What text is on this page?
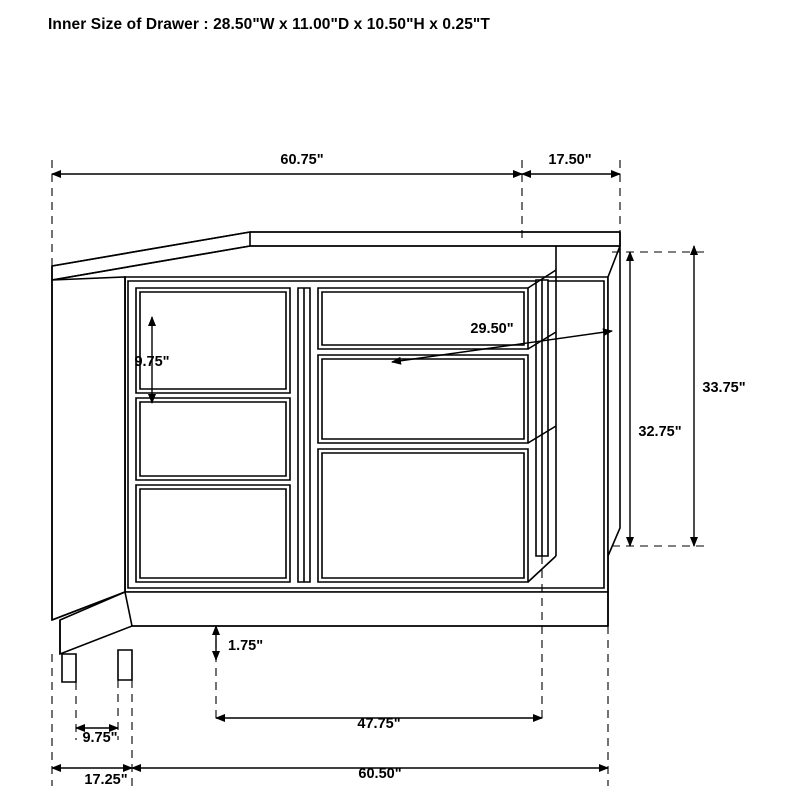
Inner Size of Drawer : 28.50"W x 11.00"D x 10.50"H x 0.25"T
60.75"	17.50"
9.75"
29.50"
32.75"
33.75"
1.75"
9.75"
47.75"
17.25"	60.50"
